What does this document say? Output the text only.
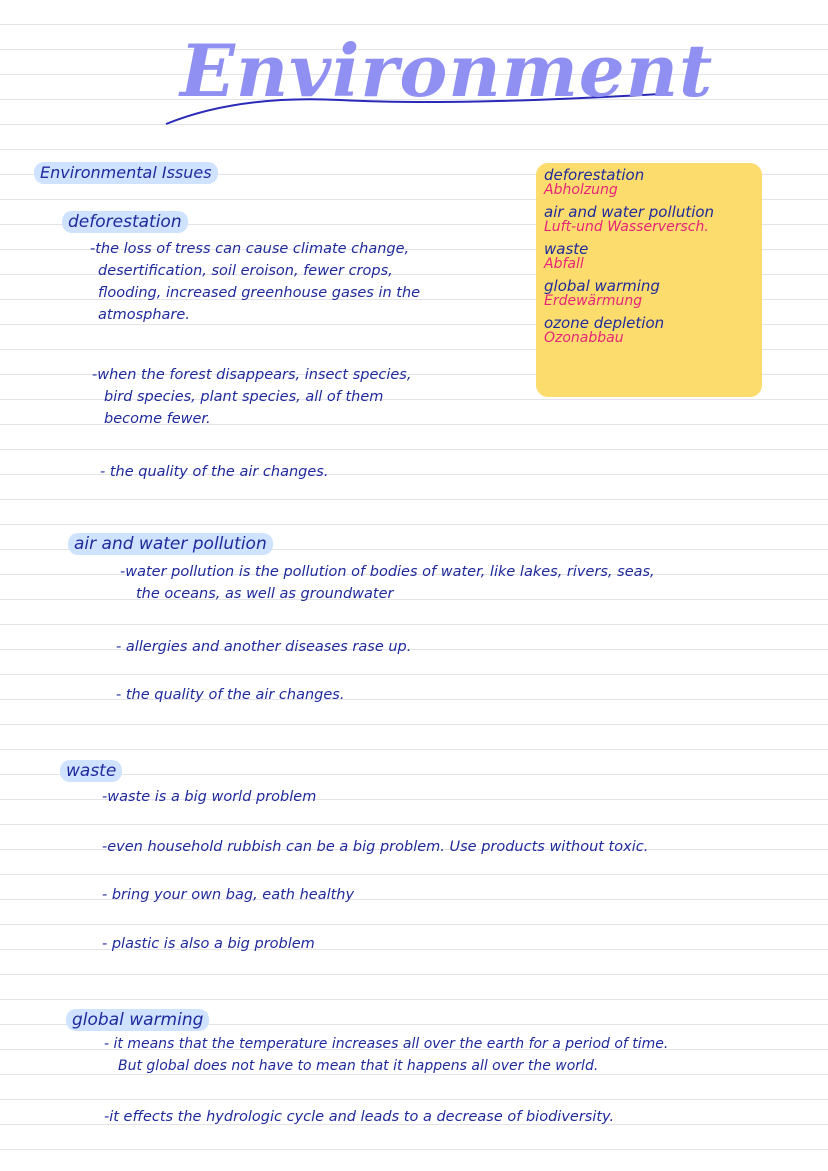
Environment
Environmental Issues	deforestation
Abholzung
air and water pollution
Luft-und Wasserversch.
waste
Abfall
global warming
Erdewärmung
ozone depletion
Ozonabbau
deforestation
-the loss of tress can cause climate change,
desertification, soil eroison, fewer crops,
flooding, increased greenhouse gases in the
atmosphare.
-when the forest disappears, insect species,
bird species, plant species, all of them
become fewer.
- the quality of the air changes.
air and water pollution
-water pollution is the pollution of bodies of water, like lakes, rivers, seas,
the oceans, as well as groundwater
- allergies and another diseases rase up.
- the quality of the air changes.
waste
-waste is a big world problem
-even household rubbish can be a big problem. Use products without toxic.
- bring your own bag, eath healthy
- plastic is also a big problem
global warming
- it means that the temperature increases all over the earth for a period of time.
But global does not have to mean that it happens all over the world.
-it effects the hydrologic cycle and leads to a decrease of biodiversity.
